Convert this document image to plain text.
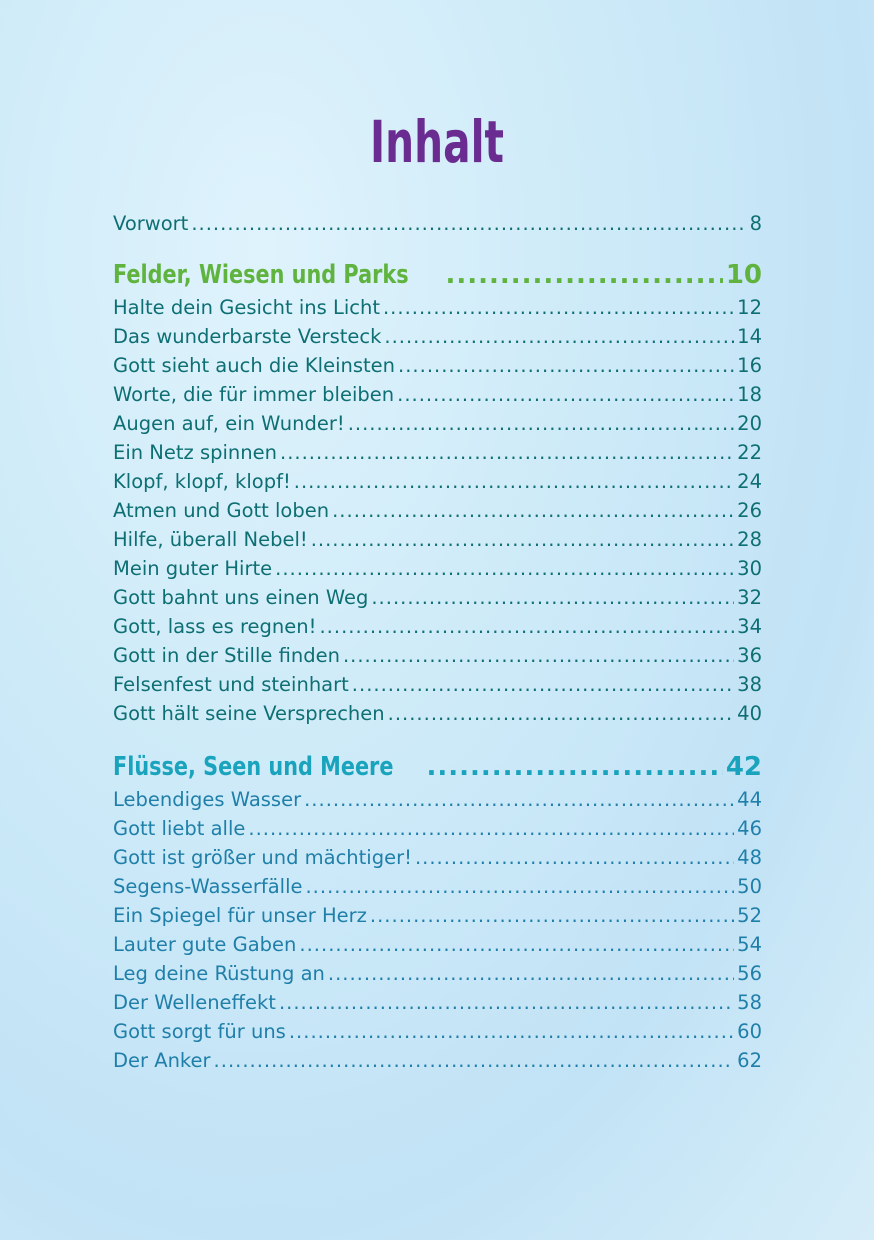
Inhalt
Vorwort .....	8
Felder, Wiesen und Parks .....	10
Halte dein Gesicht ins Licht .....	12
Das wunderbarste Versteck .....	14
Gott sieht auch die Kleinsten .....	16
Worte, die für immer bleiben .....	18
Augen auf, ein Wunder! .....	20
Ein Netz spinnen .....	22
Klopf, klopf, klopf! .....	24
Atmen und Gott loben .....	26
Hilfe, überall Nebel! .....	28
Mein guter Hirte .....	30
Gott bahnt uns einen Weg .....	32
Gott, lass es regnen! .....	34
Gott in der Stille finden .....	36
Felsenfest und steinhart .....	38
Gott hält seine Versprechen .....	40
Flüsse, Seen und Meere .....	42
Lebendiges Wasser .....	44
Gott liebt alle .....	46
Gott ist größer und mächtiger! .....	48
Segens-Wasserfälle .....	50
Ein Spiegel für unser Herz .....	52
Lauter gute Gaben .....	54
Leg deine Rüstung an .....	56
Der Welleneffekt .....	58
Gott sorgt für uns .....	60
Der Anker .....	62
